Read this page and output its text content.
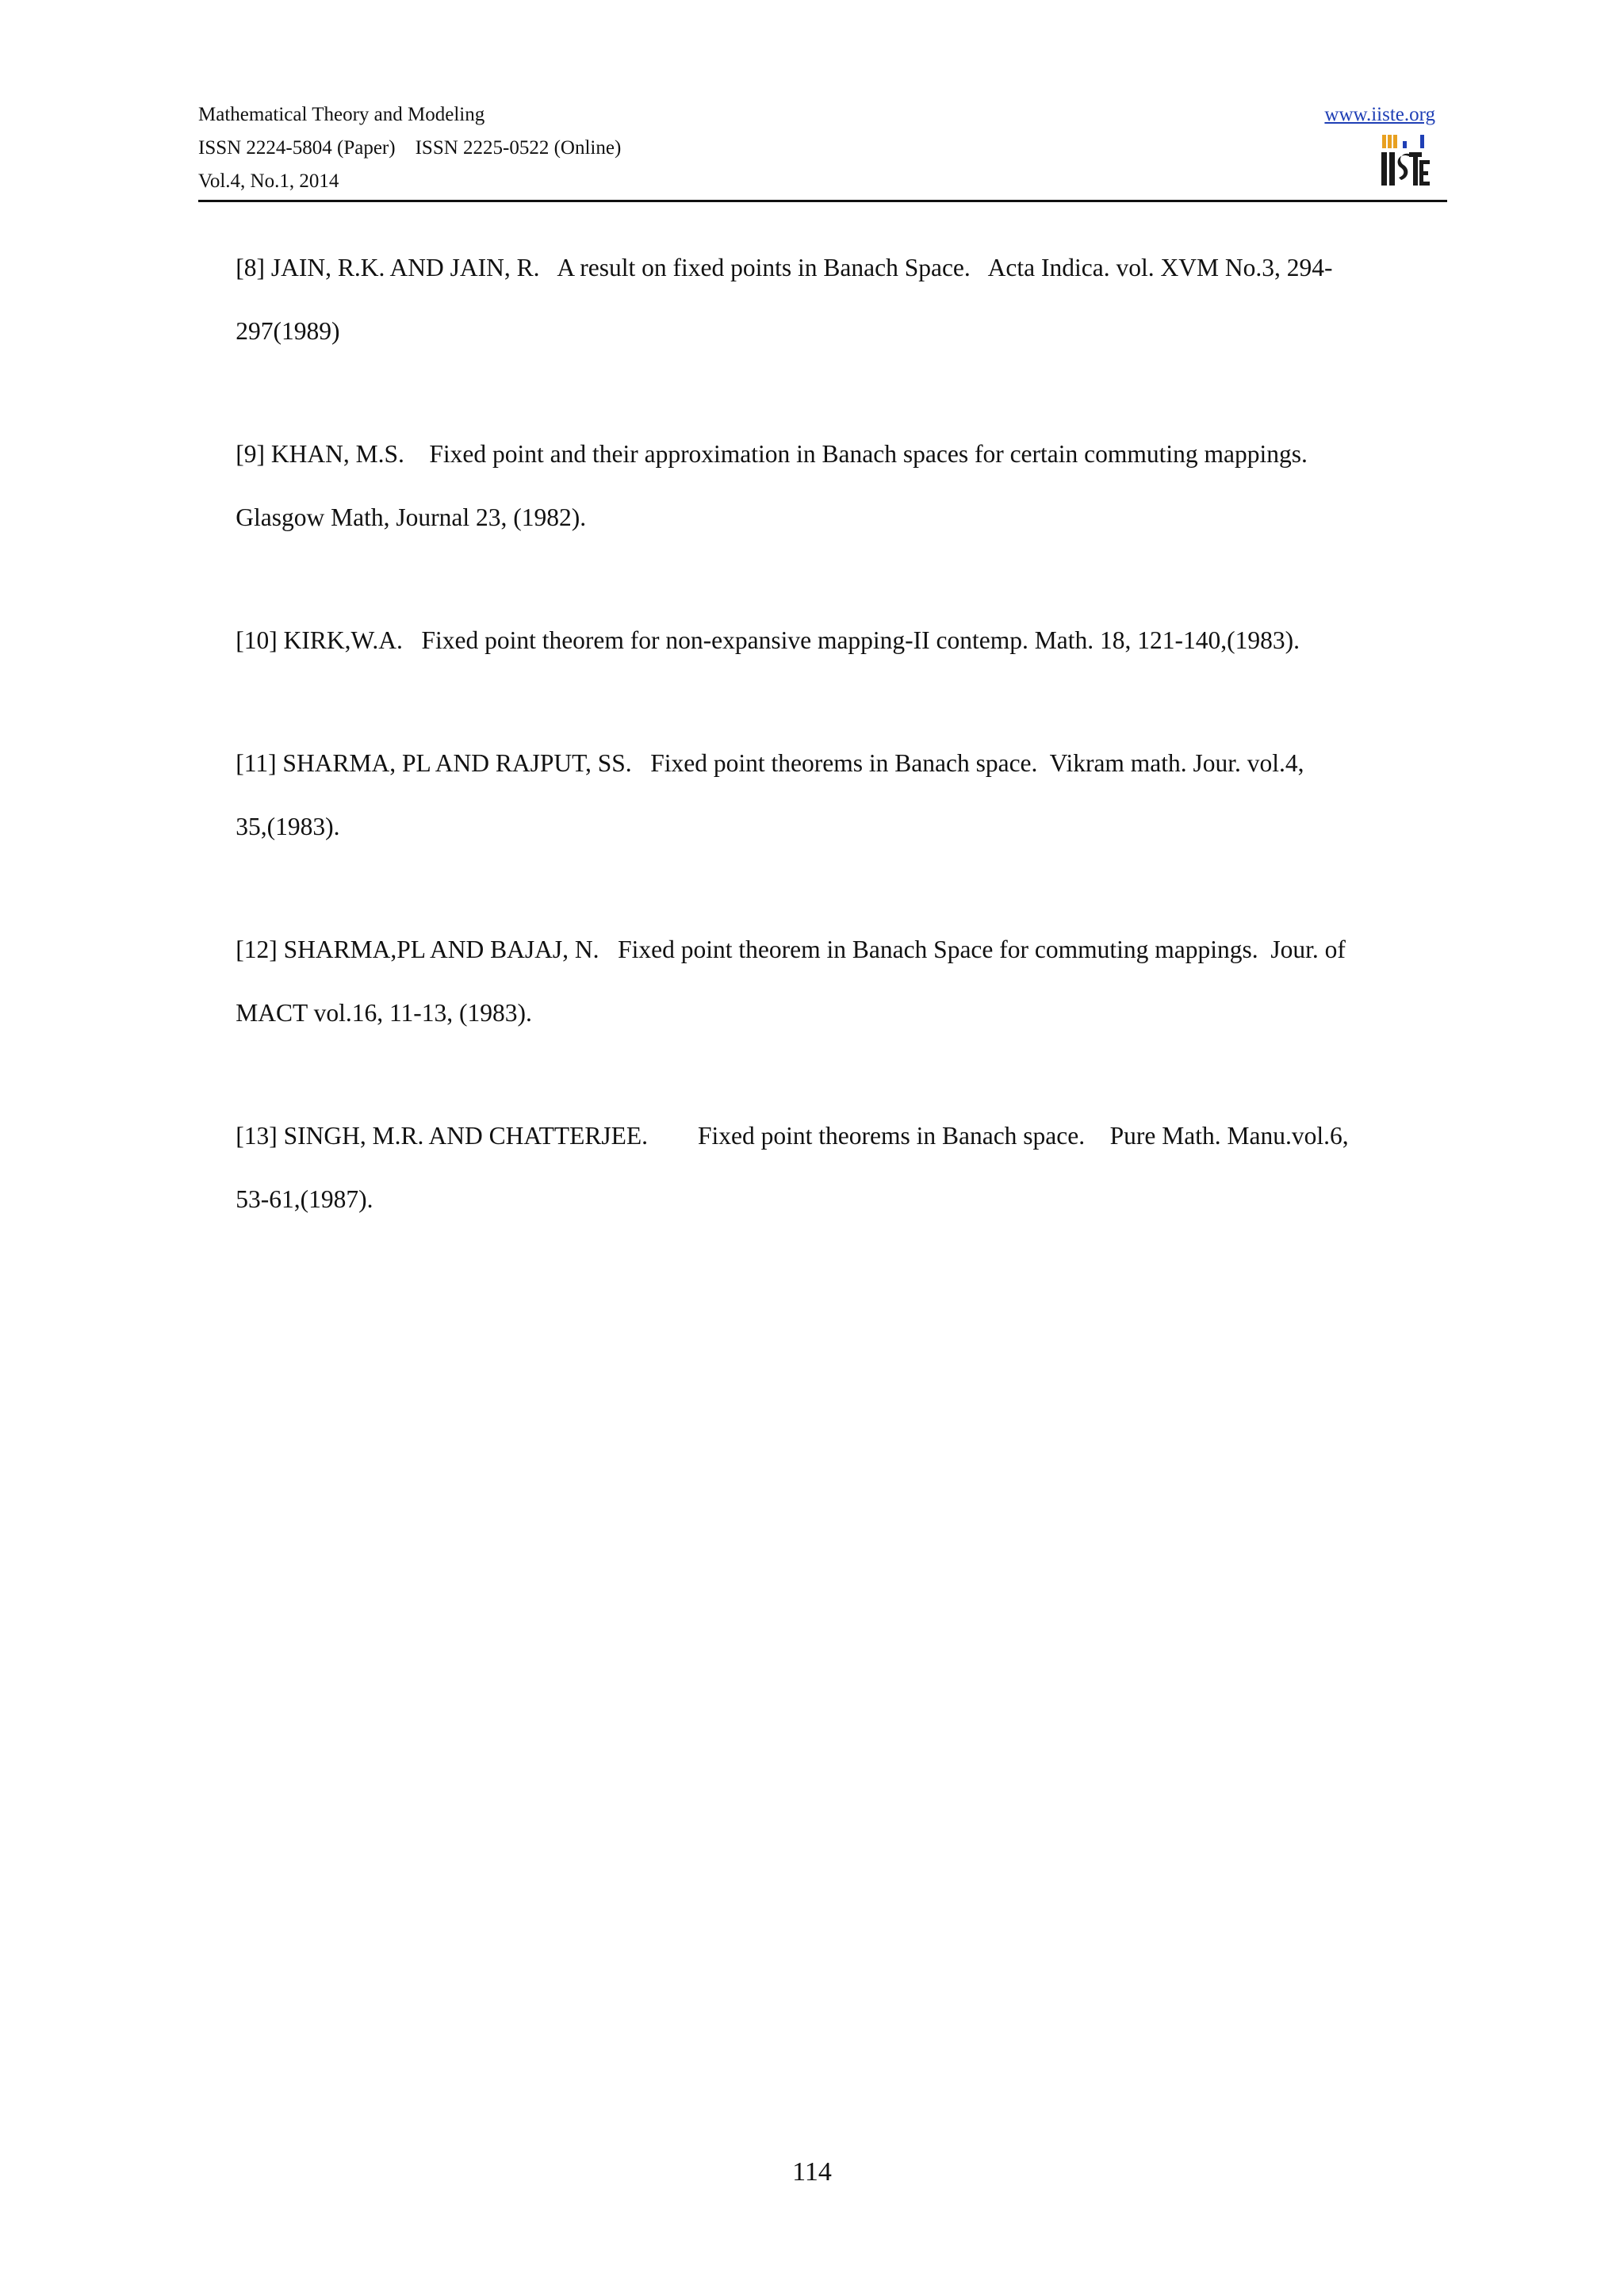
Mathematical Theory and Modeling
ISSN 2224-5804 (Paper)    ISSN 2225-0522 (Online)
Vol.4, No.1, 2014
www.iiste.org

[8] JAIN, R.K. AND JAIN, R.   A result on fixed points in Banach Space.   Acta Indica. vol. XVM No.3, 294-

297(1989)

[9] KHAN, M.S.    Fixed point and their approximation in Banach spaces for certain commuting mappings.

Glasgow Math, Journal 23, (1982).

[10] KIRK,W.A.   Fixed point theorem for non-expansive mapping-II contemp. Math. 18, 121-140,(1983).

[11] SHARMA, PL AND RAJPUT, SS.   Fixed point theorems in Banach space.  Vikram math. Jour. vol.4,

35,(1983).

[12] SHARMA,PL AND BAJAJ, N.   Fixed point theorem in Banach Space for commuting mappings.  Jour. of

MACT vol.16, 11-13, (1983).

[13] SINGH, M.R. AND CHATTERJEE.        Fixed point theorems in Banach space.    Pure Math. Manu.vol.6,

53-61,(1987).

114
